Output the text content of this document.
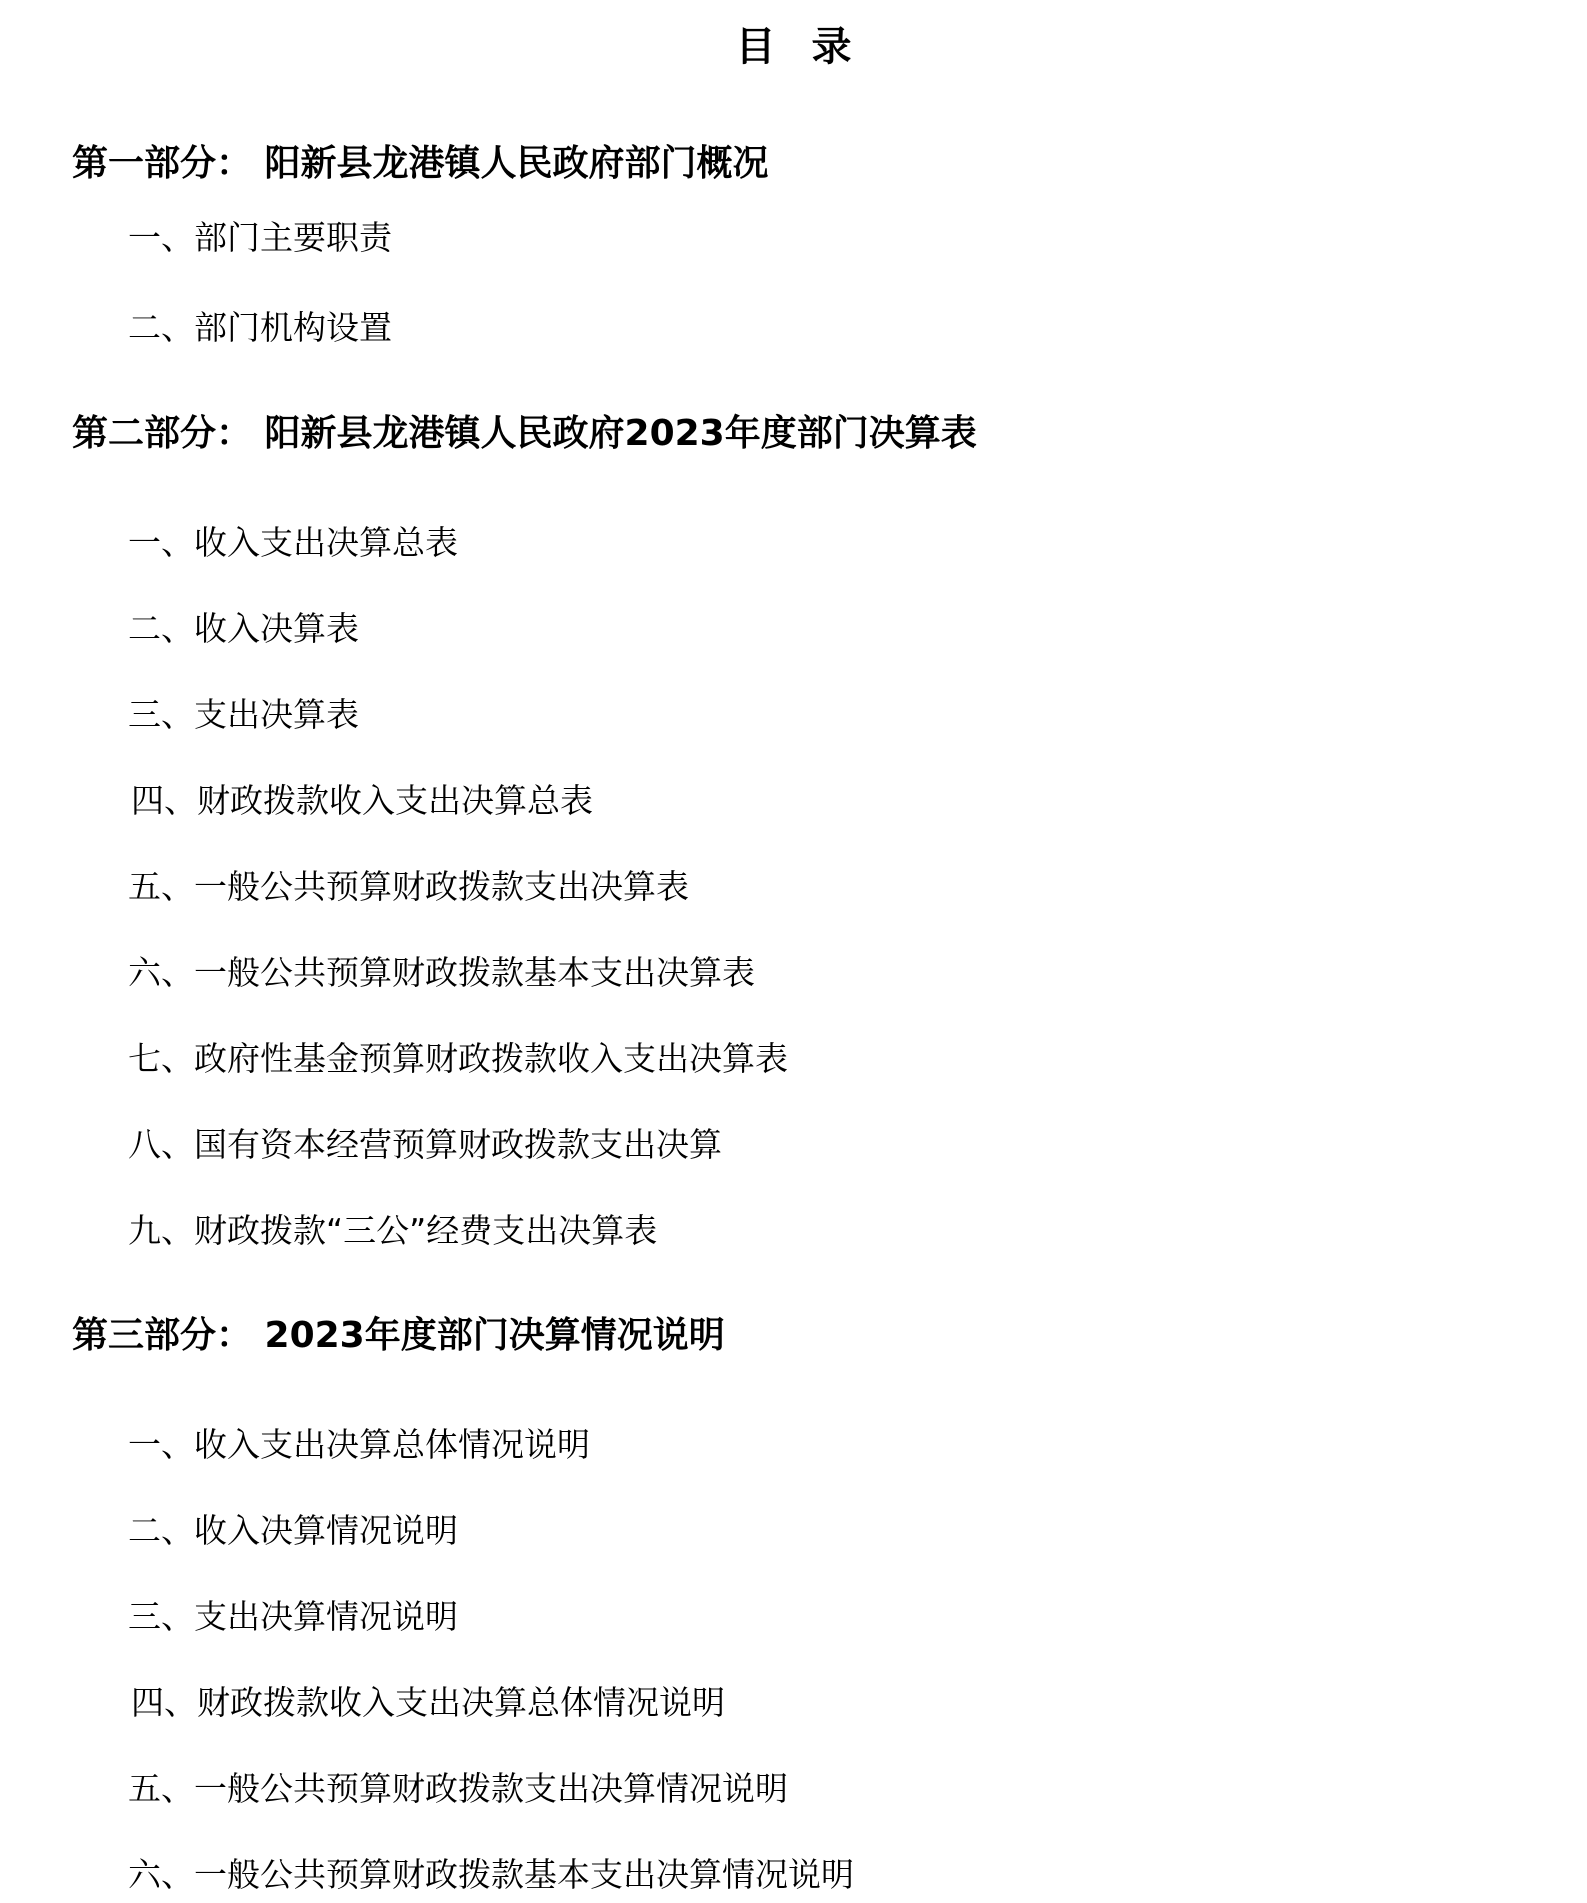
目录
第一部分： 阳新县龙港镇人民政府部门概况
一、部门主要职责
二、部门机构设置
第二部分： 阳新县龙港镇人民政府2023年度部门决算表
一、收入支出决算总表
二、收入决算表
三、支出决算表
四、财政拨款收入支出决算总表
五、一般公共预算财政拨款支出决算表
六、一般公共预算财政拨款基本支出决算表
七、政府性基金预算财政拨款收入支出决算表
八、国有资本经营预算财政拨款支出决算
九、财政拨款“三公”经费支出决算表
第三部分： 2023年度部门决算情况说明
一、收入支出决算总体情况说明
二、收入决算情况说明
三、支出决算情况说明
四、财政拨款收入支出决算总体情况说明
五、一般公共预算财政拨款支出决算情况说明
六、一般公共预算财政拨款基本支出决算情况说明
